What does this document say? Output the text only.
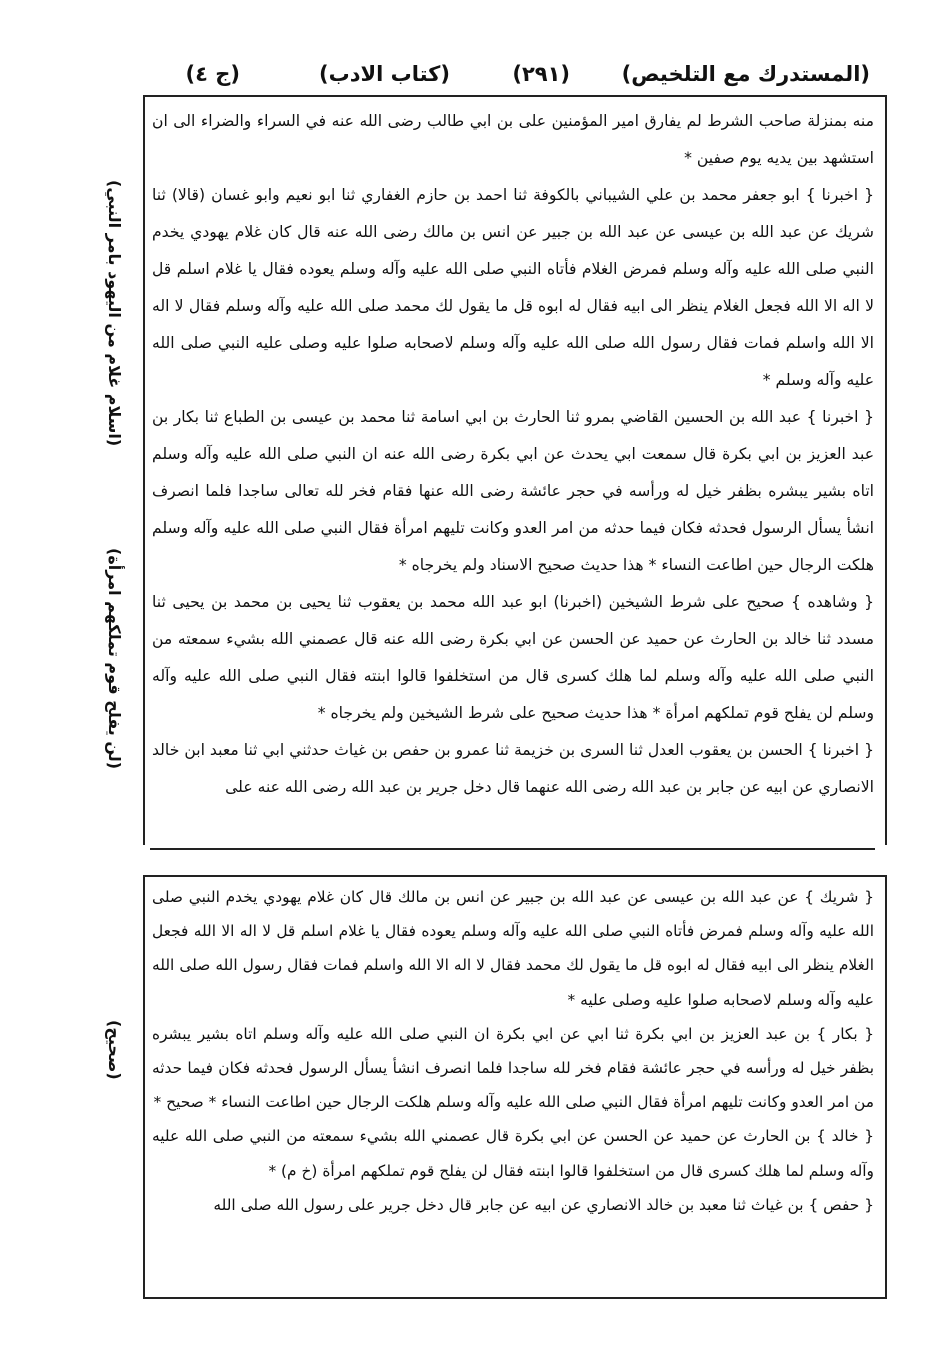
(المستدرك مع التلخيص)
(٢٩١)
(كتاب الادب)
(ج ٤)

منه بمنزلة صاحب الشرط لم يفارق امير المؤمنين على بن ابي طالب رضى الله عنه في السراء والضراء الى ان استشهد بين يديه يوم صفين *

{ اخبرنا } ابو جعفر محمد بن علي الشيباني بالكوفة ثنا احمد بن حازم الغفاري ثنا ابو نعيم وابو غسان (قالا) ثنا شريك عن عبد الله بن عيسى عن عبد الله بن جبير عن انس بن مالك رضى الله عنه قال كان غلام يهودي يخدم النبي صلى الله عليه وآله وسلم فمرض الغلام فأتاه النبي صلى الله عليه وآله وسلم يعوده فقال يا غلام اسلم قل لا اله الا الله فجعل الغلام ينظر الى ابيه فقال له ابوه قل ما يقول لك محمد صلى الله عليه وآله وسلم فقال لا اله الا الله واسلم فمات فقال رسول الله صلى الله عليه وآله وسلم لاصحابه صلوا عليه وصلى عليه النبي صلى الله عليه وآله وسلم *

{ اخبرنا } عبد الله بن الحسين القاضي بمرو ثنا الحارث بن ابي اسامة ثنا محمد بن عيسى بن الطباع ثنا بكار بن عبد العزيز بن ابي بكرة قال سمعت ابي يحدث عن ابي بكرة رضى الله عنه ان النبي صلى الله عليه وآله وسلم اتاه بشير يبشره بظفر خيل له ورأسه في حجر عائشة رضى الله عنها فقام فخر لله تعالى ساجدا فلما انصرف انشأ يسأل الرسول فحدثه فكان فيما حدثه من امر العدو وكانت تليهم امرأة فقال النبي صلى الله عليه وآله وسلم هلكت الرجال حين اطاعت النساء * هذا حديث صحيح الاسناد ولم يخرجاه *

{ وشاهده } صحيح على شرط الشيخين (اخبرنا) ابو عبد الله محمد بن يعقوب ثنا يحيى بن محمد بن يحيى ثنا مسدد ثنا خالد بن الحارث عن حميد عن الحسن عن ابي بكرة رضى الله عنه قال عصمني الله بشيء سمعته من النبي صلى الله عليه وآله وسلم لما هلك كسرى قال من استخلفوا قالوا ابنته فقال النبي صلى الله عليه وآله وسلم لن يفلح قوم تملكهم امرأة * هذا حديث صحيح على شرط الشيخين ولم يخرجاه *

{ اخبرنا } الحسن بن يعقوب العدل ثنا السرى بن خزيمة ثنا عمرو بن حفص بن غياث حدثني ابي ثنا معبد ابن خالد الانصاري عن ابيه عن جابر بن عبد الله رضى الله عنهما قال دخل جرير بن عبد الله رضى الله عنه على

{ شريك } عن عبد الله بن عيسى عن عبد الله بن جبير عن انس بن مالك قال كان غلام يهودي يخدم النبي صلى الله عليه وآله وسلم فمرض فأتاه النبي صلى الله عليه وآله وسلم يعوده فقال يا غلام اسلم قل لا اله الا الله فجعل الغلام ينظر الى ابيه فقال له ابوه قل ما يقول لك محمد فقال لا اله الا الله واسلم فمات فقال رسول الله صلى الله عليه وآله وسلم لاصحابه صلوا عليه وصلى عليه *

{ بكار } بن عبد العزيز بن ابي بكرة ثنا ابي عن ابي بكرة ان النبي صلى الله عليه وآله وسلم اتاه بشير يبشره بظفر خيل له ورأسه في حجر عائشة فقام فخر لله ساجدا فلما انصرف انشأ يسأل الرسول فحدثه فكان فيما حدثه من امر العدو وكانت تليهم امرأة فقال النبي صلى الله عليه وآله وسلم هلكت الرجال حين اطاعت النساء * صحيح *

{ خالد } بن الحارث عن حميد عن الحسن عن ابي بكرة قال عصمني الله بشيء سمعته من النبي صلى الله عليه وآله وسلم لما هلك كسرى قال من استخلفوا قالوا ابنته فقال لن يفلح قوم تملكهم امرأة (خ م) *

{ حفص } بن غياث ثنا معبد بن خالد الانصاري عن ابيه عن جابر قال دخل جرير على رسول الله صلى الله

(اسلام غلام من اليهود بامر النبي)
(لن يفلح قوم تملكهم امرأة)
(صحيح)
